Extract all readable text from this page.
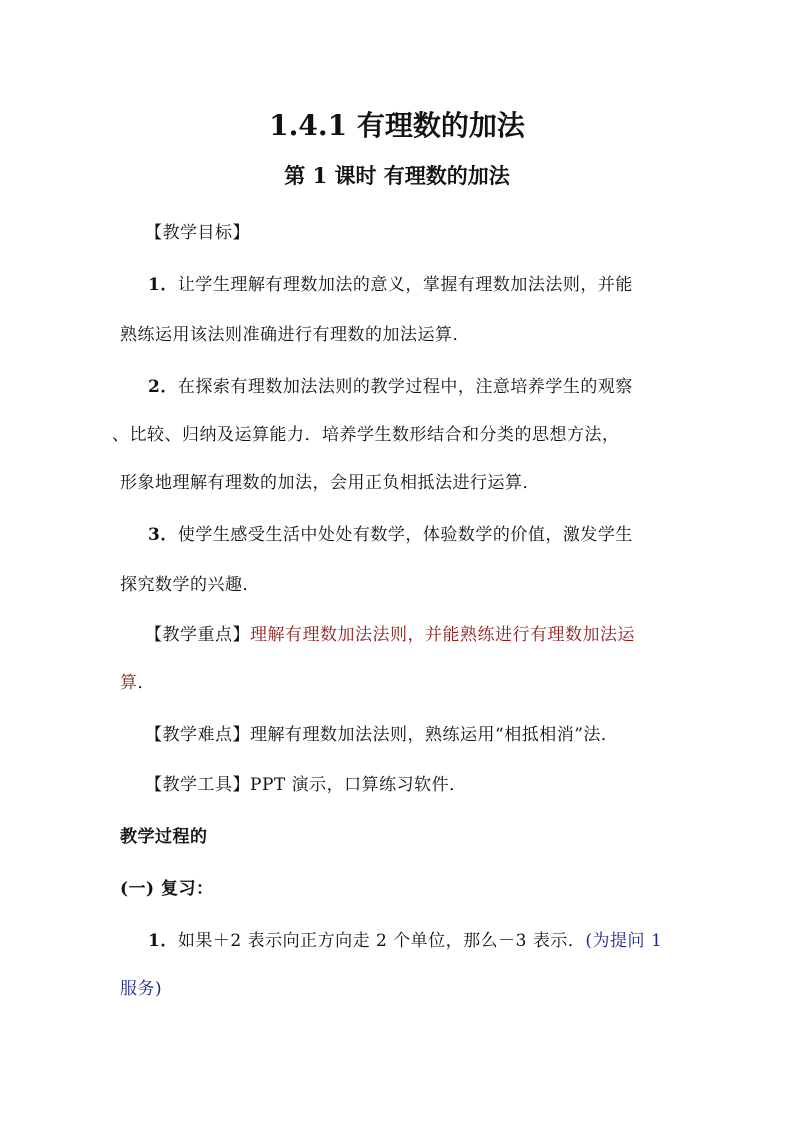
1.4.1 有理数的加法
第 1 课时 有理数的加法
【教学目标】
1．让学生理解有理数加法的意义，掌握有理数加法法则，并能
熟练运用该法则准确进行有理数的加法运算．
2．在探索有理数加法法则的教学过程中，注意培养学生的观察
、比较、归纳及运算能力．培养学生数形结合和分类的思想方法，
形象地理解有理数的加法，会用正负相抵法进行运算．
3．使学生感受生活中处处有数学，体验数学的价值，激发学生
探究数学的兴趣．
【教学重点】理解有理数加法法则，并能熟练进行有理数加法运
算．
【教学难点】理解有理数加法法则，熟练运用“相抵相消”法．
【教学工具】PPT 演示，口算练习软件．
教学过程的
(一) 复习：
1．如果＋2 表示向正方向走 2 个单位，那么－3 表示．(为提问 1
服务)
